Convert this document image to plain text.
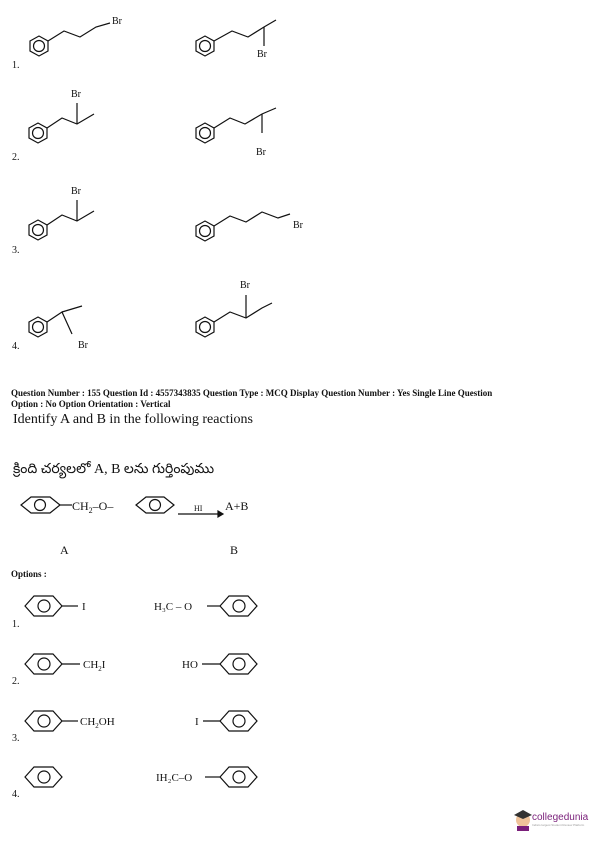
Br
Br
1.
Br
Br
2.
Br
Br
3.
Br
Br
4.
$CH_2-O-$	HI A+B
A	B
I	H₃C – O
1.
$CH_2I$	HO
2.
$CH_2OH$	I
3.
IH₂C–O
4.
Question Number : 155 Question Id : 4557343835 Question Type : MCQ Display Question Number : Yes Single Line Question
Option : No Option Orientation : Vertical
Identify A and B in the following reactions
క్రింది చర్యలలో A, B లను గుర్తింపుము
Options :
collegedunia
India's largest Student Review Platform
